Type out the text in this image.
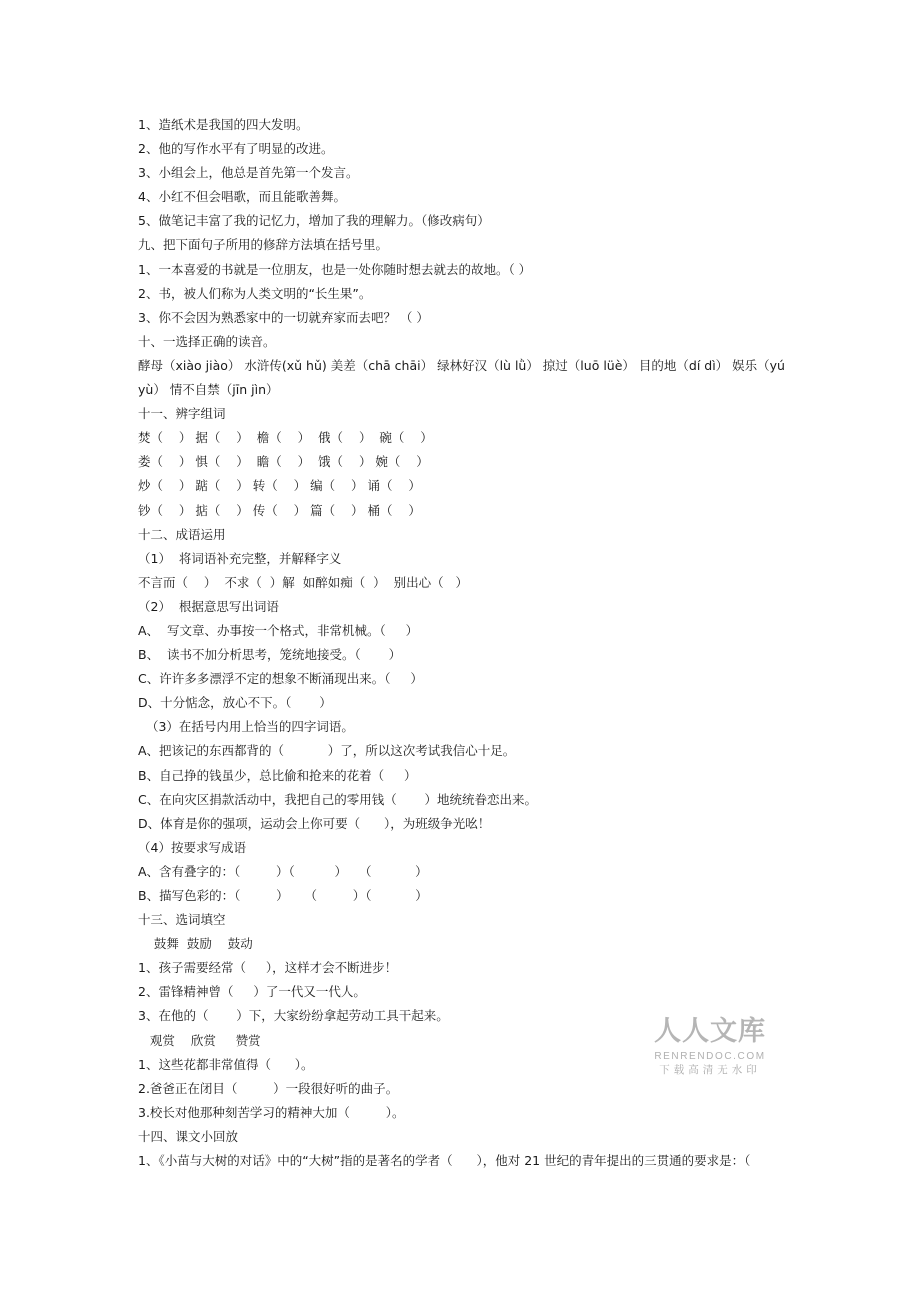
1、造纸术是我国的四大发明。
2、他的写作水平有了明显的改进。
3、小组会上，他总是首先第一个发言。
4、小红不但会唱歌，而且能歌善舞。
5、做笔记丰富了我的记忆力，增加了我的理解力。（修改病句）
九、把下面句子所用的修辞方法填在括号里。
1、一本喜爱的书就是一位朋友，也是一处你随时想去就去的故地。（ ）
2、书，被人们称为人类文明的“长生果”。
3、你不会因为熟悉家中的一切就弃家而去吧？ （ ）
十、一选择正确的读音。
酵母（xiào jiào） 水浒传(xǔ hǔ) 美差（chā chāi） 绿林好汉（lù lǜ） 掠过（luō lüè） 目的地（dí dì） 娱乐（yú
yù） 情不自禁（jīn jìn）
十一、辨字组词
焚（    ） 据（    ）  檐（    ）  俄（    ）  碗（    ）
娄（    ） 惧（    ）  瞻（    ）  饿（    ） 婉（    ）
炒（    ） 踮（    ） 转（    ） 编（    ） 诵（    ）
钞（    ） 掂（    ） 传（    ） 篇（    ） 桶（    ）
十二、成语运用
（1）  将词语补充完整，并解释字义
不言而（    ）  不求（  ）解  如醉如痴（  ）  别出心（   ）
（2）  根据意思写出词语
A、  写文章、办事按一个格式，非常机械。（     ）
B、  读书不加分析思考，笼统地接受。（       ）
C、许许多多漂浮不定的想象不断涌现出来。（     ）
D、十分惦念，放心不下。（       ）
（3）在括号内用上恰当的四字词语。
A、把该记的东西都背的（           ）了，所以这次考试我信心十足。
B、自己挣的钱虽少，总比偷和抢来的花着（     ）
C、在向灾区捐款活动中，我把自己的零用钱（       ）地统统眷恋出来。
D、体育是你的强项，运动会上你可要（      ），为班级争光吆！
（4）按要求写成语
A、含有叠字的：（         ）（          ）   （           ）
B、描写色彩的：（         ）    （         ）（           ）
十三、选词填空
鼓舞  鼓励    鼓动
1、孩子需要经常（     ），这样才会不断进步！
2、雷锋精神曾（     ）了一代又一代人。
3、在他的（       ）下，大家纷纷拿起劳动工具干起来。
观赏    欣赏     赞赏
1、这些花都非常值得（      ）。
2.爸爸正在闭目（         ）一段很好听的曲子。
3.校长对他那种刻苦学习的精神大加（         ）。
十四、课文小回放
1、《小苗与大树的对话》中的“大树”指的是著名的学者（      ），他对 21 世纪的青年提出的三贯通的要求是：（
人人文库
RENRENDOC.COM
下载高清无水印
